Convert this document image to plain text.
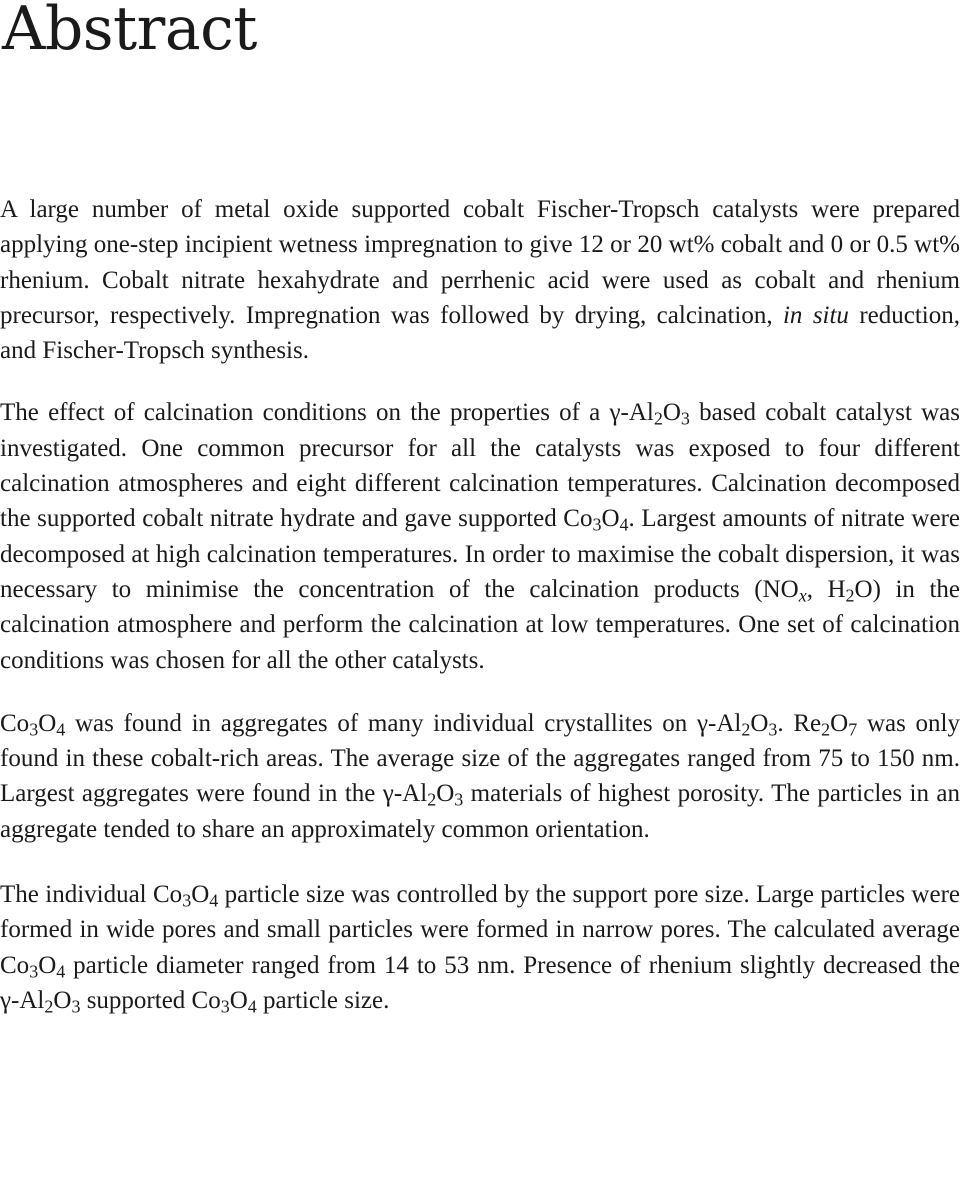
Abstract

A large number of metal oxide supported cobalt Fischer-Tropsch catalysts were prepared applying one-step incipient wetness impregnation to give 12 or 20 wt% cobalt and 0 or 0.5 wt% rhenium. Cobalt nitrate hexahydrate and perrhenic acid were used as cobalt and rhenium precursor, respectively. Impregnation was followed by drying, calcination, in situ reduction, and Fischer-Tropsch synthesis.

The effect of calcination conditions on the properties of a $\gamma-Al_2O_3$ based cobalt catalyst was investigated. One common precursor for all the catalysts was exposed to four different calcination atmospheres and eight different calcination temperatures. Calcination decomposed the supported cobalt nitrate hydrate and gave supported $Co_3O_4$. Largest amounts of nitrate were decomposed at high calcination temperatures. In order to maximise the cobalt dispersion, it was necessary to minimise the concentration of the calcination products ($NO_x$, $H_2O$) in the calcination atmosphere and perform the calcination at low temperatures. One set of calcination conditions was chosen for all the other catalysts.

$Co_3O_4$ was found in aggregates of many individual crystallites on $\gamma-Al_2O_3$. $Re_2O_7$ was only found in these cobalt-rich areas. The average size of the aggregates ranged from 75 to 150 nm. Largest aggregates were found in the $\gamma-Al_2O_3$ materials of highest porosity. The particles in an aggregate tended to share an approximately common orientation.

The individual $Co_3O_4$ particle size was controlled by the support pore size. Large particles were formed in wide pores and small particles were formed in narrow pores. The calculated average $Co_3O_4$ particle diameter ranged from 14 to 53 nm. Presence of rhenium slightly decreased the $\gamma-Al_2O_3$ supported $Co_3O_4$ particle size.
